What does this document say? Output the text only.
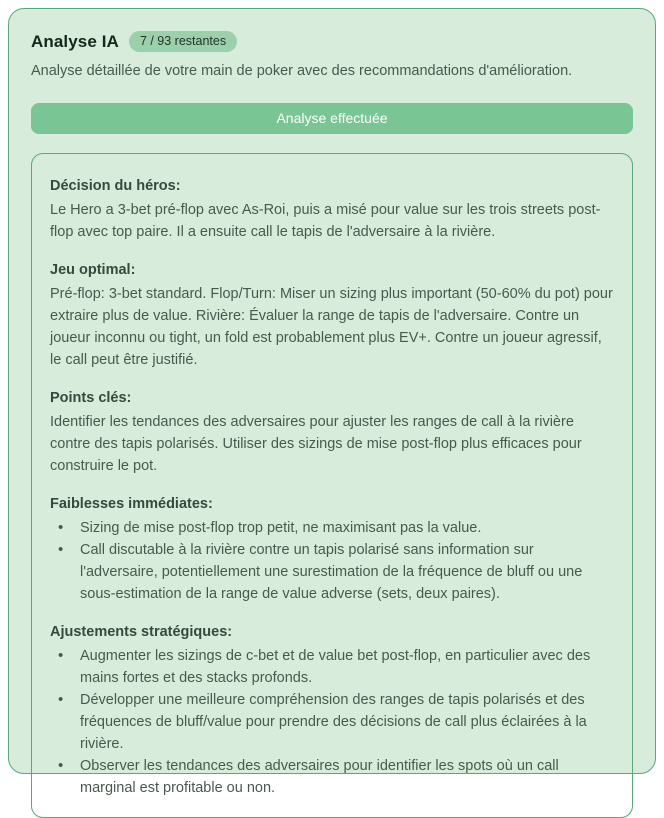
Analyse IA	7 / 93 restantes

Analyse détaillée de votre main de poker avec des recommandations d'amélioration.

Analyse effectuée
Décision du héros:

Le Hero a 3-bet pré-flop avec As-Roi, puis a misé pour value sur les trois streets post-flop avec top paire. Il a ensuite call le tapis de l'adversaire à la rivière.

Jeu optimal:

Pré-flop: 3-bet standard. Flop/Turn: Miser un sizing plus important (50-60% du pot) pour extraire plus de value. Rivière: Évaluer la range de tapis de l'adversaire. Contre un joueur inconnu ou tight, un fold est probablement plus EV+. Contre un joueur agressif, le call peut être justifié.

Points clés:

Identifier les tendances des adversaires pour ajuster les ranges de call à la rivière contre des tapis polarisés. Utiliser des sizings de mise post-flop plus efficaces pour construire le pot.

Faiblesses immédiates:
• Sizing de mise post-flop trop petit, ne maximisant pas la value.
• Call discutable à la rivière contre un tapis polarisé sans information sur l'adversaire, potentiellement une surestimation de la fréquence de bluff ou une sous-estimation de la range de value adverse (sets, deux paires).
Ajustements stratégiques:
• Augmenter les sizings de c-bet et de value bet post-flop, en particulier avec des mains fortes et des stacks profonds.
• Développer une meilleure compréhension des ranges de tapis polarisés et des fréquences de bluff/value pour prendre des décisions de call plus éclairées à la rivière.
• Observer les tendances des adversaires pour identifier les spots où un call marginal est profitable ou non.
